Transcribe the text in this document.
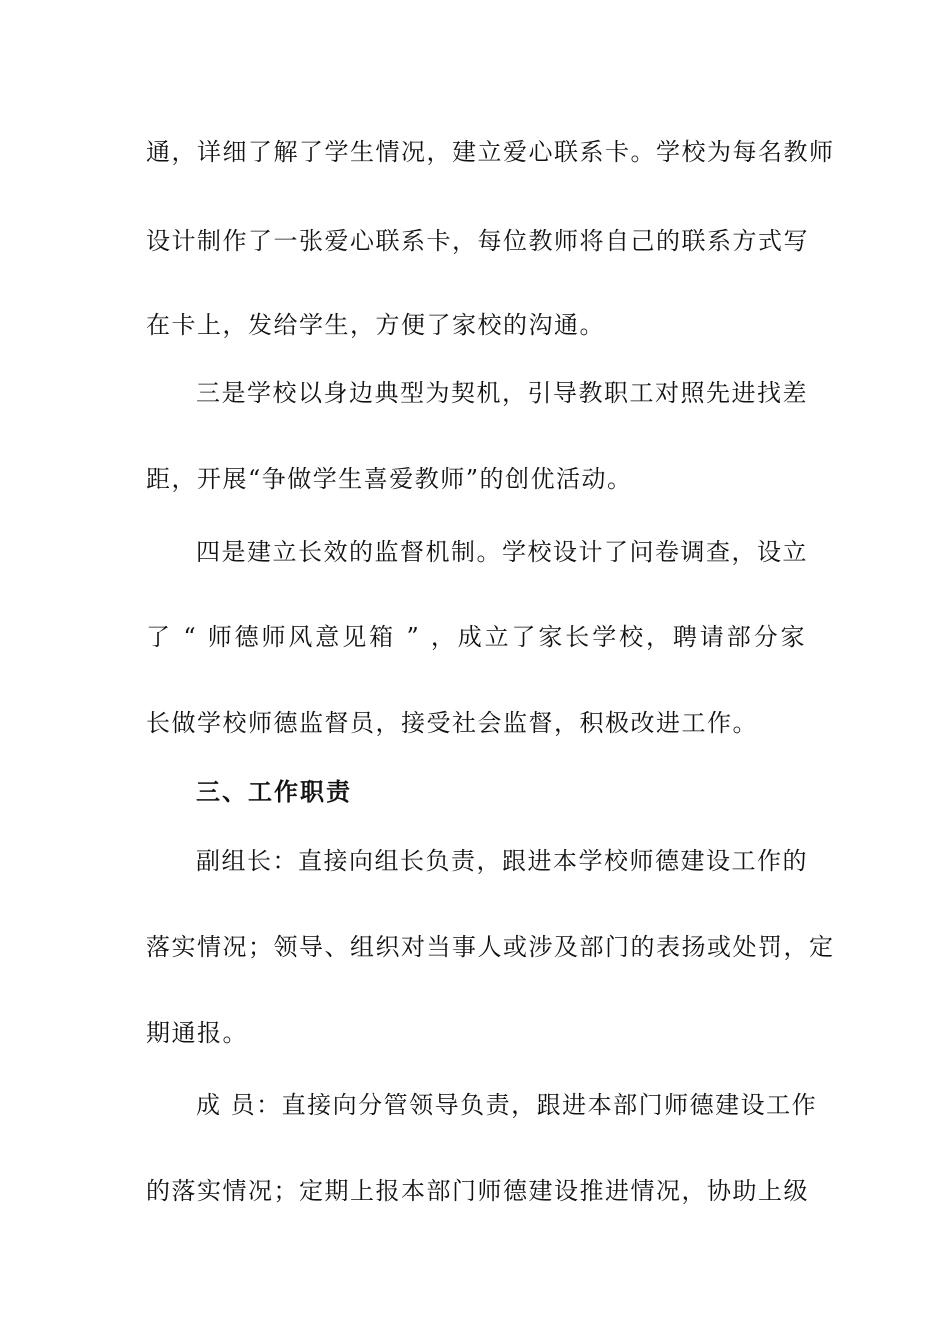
通，详细了解了学生情况，建立爱心联系卡。学校为每名教师
设计制作了一张爱心联系卡，每位教师将自己的联系方式写
在卡上，发给学生，方便了家校的沟通。
三是学校以身边典型为契机，引导教职工对照先进找差
距，开展“争做学生喜爱教师”的创优活动。
四是建立长效的监督机制。学校设计了问卷调查，设立
了 “ 师德师风意见箱 ” ，成立了家长学校，聘请部分家
长做学校师德监督员，接受社会监督，积极改进工作。
三、工作职责
副组长：直接向组长负责，跟进本学校师德建设工作的
落实情况；领导、组织对当事人或涉及部门的表扬或处罚，定
期通报。
成 员：直接向分管领导负责，跟进本部门师德建设工作
的落实情况；定期上报本部门师德建设推进情况，协助上级
